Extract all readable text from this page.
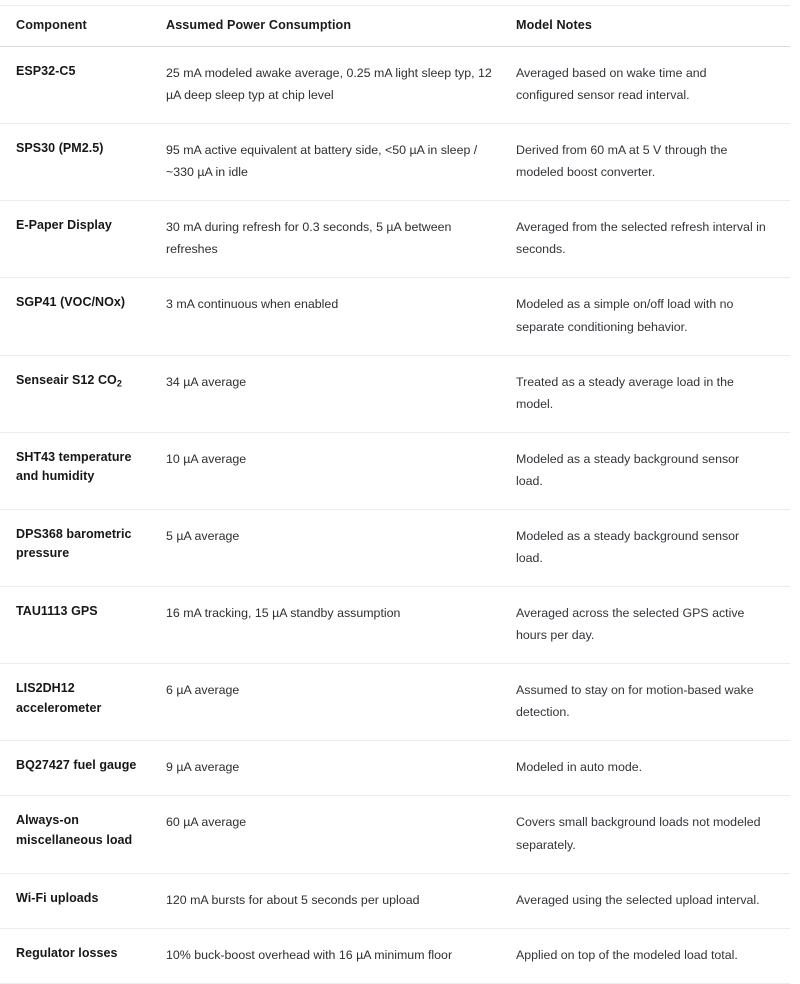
Component	Assumed Power Consumption	Model Notes
ESP32-C5	25 mA modeled awake average, 0.25 mA light sleep typ, 12 µA deep sleep typ at chip level	Averaged based on wake time and configured sensor read interval.
SPS30 (PM2.5)	95 mA active equivalent at battery side, <50 µA in sleep / ~330 µA in idle	Derived from 60 mA at 5 V through the modeled boost converter.
E-Paper Display	30 mA during refresh for 0.3 seconds, 5 µA between refreshes	Averaged from the selected refresh interval in seconds.
SGP41 (VOC/NOx)	3 mA continuous when enabled	Modeled as a simple on/off load with no separate conditioning behavior.
Senseair S12 $CO_2$	34 µA average	Treated as a steady average load in the model.
SHT43 temperature and humidity	10 µA average	Modeled as a steady background sensor load.
DPS368 barometric pressure	5 µA average	Modeled as a steady background sensor load.
TAU1113 GPS	16 mA tracking, 15 µA standby assumption	Averaged across the selected GPS active hours per day.
LIS2DH12 accelerometer	6 µA average	Assumed to stay on for motion-based wake detection.
BQ27427 fuel gauge	9 µA average	Modeled in auto mode.
Always-on miscellaneous load	60 µA average	Covers small background loads not modeled separately.
Wi-Fi uploads	120 mA bursts for about 5 seconds per upload	Averaged using the selected upload interval.
Regulator losses	10% buck-boost overhead with 16 µA minimum floor	Applied on top of the modeled load total.
